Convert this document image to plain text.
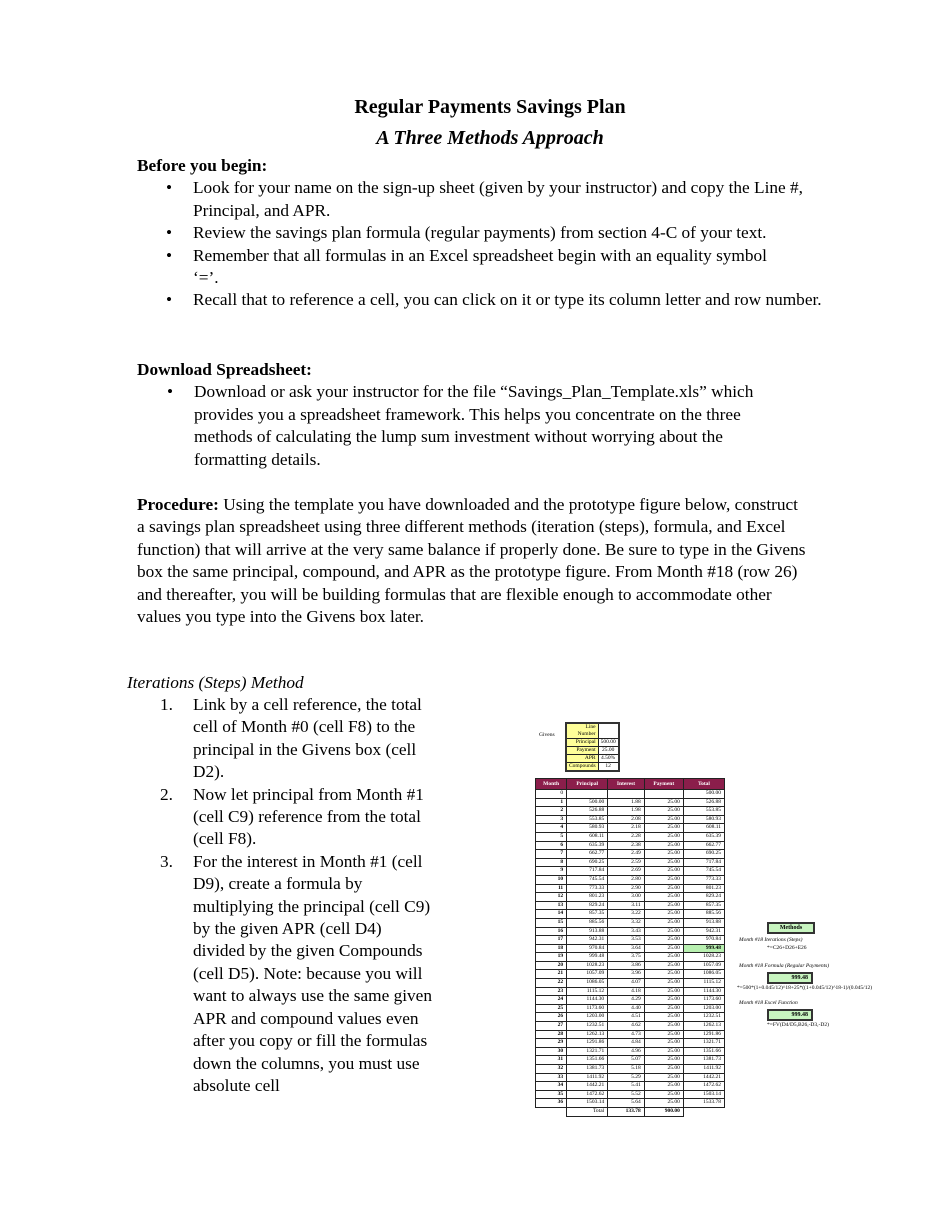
Regular Payments Savings Plan
A Three Methods Approach
Before you begin:
• Look for your name on the sign-up sheet (given by your instructor) and copy the Line #, Principal, and APR.
• Review the savings plan formula (regular payments) from section 4-C of your text.
• Remember that all formulas in an Excel spreadsheet begin with an equality symbol ‘=’.
• Recall that to reference a cell, you can click on it or type its column letter and row number.
Download Spreadsheet:
• Download or ask your instructor for the file “Savings_Plan_Template.xls” which provides you a spreadsheet framework. This helps you concentrate on the three methods of calculating the lump sum investment without worrying about the formatting details.
Procedure: Using the template you have downloaded and the prototype figure below, construct a savings plan spreadsheet using three different methods (iteration (steps), formula, and Excel function) that will arrive at the very same balance if properly done. Be sure to type in the Givens box the same principal, compound, and APR as the prototype figure. From Month #18 (row 26) and thereafter, you will be building formulas that are flexible enough to accommodate other values you type into the Givens box later.
Iterations (Steps) Method
1. Link by a cell reference, the total cell of Month #0 (cell F8) to the principal in the Givens box (cell D2).
2. Now let principal from Month #1 (cell C9) reference from the total (cell F8).
3. For the interest in Month #1 (cell D9), create a formula by multiplying the principal (cell C9) by the given APR (cell D4) divided by the given Compounds (cell D5). Note: because you will want to always use the same given APR and compound values even after you copy or fill the formulas down the columns, you must use absolute cell
Givens
Line Number	
Principal	500.00
Payment	25.00
APR	4.50%
Compounds	12
Month	Principal	Interest	Payment	Total
0				500.00
1	500.00	1.88	25.00	526.88
2	526.88	1.98	25.00	553.85
3	553.85	2.08	25.00	580.93
4	580.93	2.18	25.00	608.11
5	608.11	2.28	25.00	635.39
6	635.39	2.38	25.00	662.77
7	662.77	2.49	25.00	690.25
8	690.25	2.59	25.00	717.84
9	717.84	2.69	25.00	745.54
10	745.54	2.80	25.00	773.33
11	773.33	2.90	25.00	801.23
12	801.23	3.00	25.00	829.24
13	829.24	3.11	25.00	857.35
14	857.35	3.22	25.00	885.56
15	885.56	3.32	25.00	913.88
16	913.88	3.43	25.00	942.31
17	942.31	3.53	25.00	970.84
18	970.84	3.64	25.00	999.48
19	999.48	3.75	25.00	1028.23
20	1028.23	3.86	25.00	1057.09
21	1057.09	3.96	25.00	1086.05
22	1086.05	4.07	25.00	1115.12
23	1115.12	4.18	25.00	1144.30
24	1144.30	4.29	25.00	1173.60
25	1173.60	4.40	25.00	1203.00
26	1203.00	4.51	25.00	1232.51
27	1232.51	4.62	25.00	1262.13
28	1262.13	4.73	25.00	1291.86
29	1291.86	4.84	25.00	1321.71
30	1321.71	4.96	25.00	1351.66
31	1351.66	5.07	25.00	1381.73
32	1381.73	5.18	25.00	1411.92
33	1411.92	5.29	25.00	1442.21
34	1442.21	5.41	25.00	1472.62
35	1472.62	5.52	25.00	1503.14
36	1503.14	5.64	25.00	1533.78
	Total	133.78	900.00	
Methods
Month #18 Iterations (Steps)
*=C26+D26+E26
Month #18 Formula (Regular Payments)
999.48
*=500*(1+0.045/12)^18+25*((1+0.045/12)^18-1)/(0.045/12)
Month #18 Excel Function
999.48
*=FV(D4/D5,B26,-D3,-D2)
